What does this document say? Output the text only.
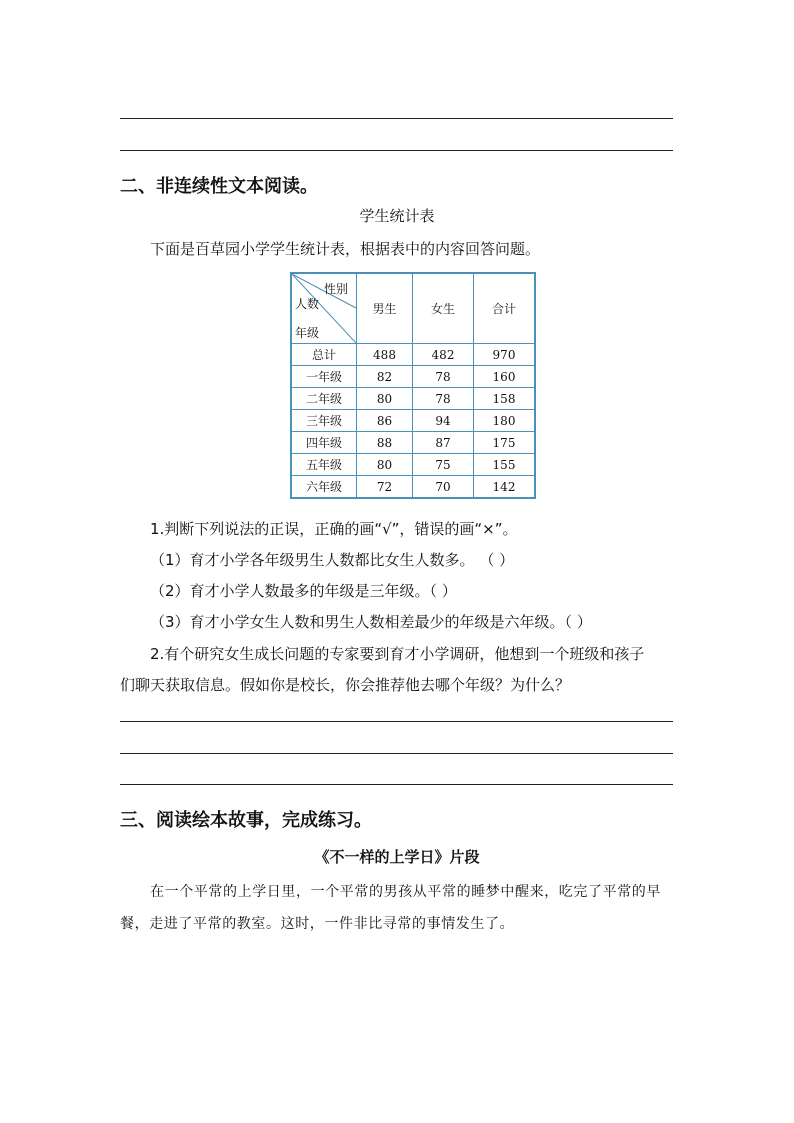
二、非连续性文本阅读。
学生统计表
下面是百草园小学学生统计表，根据表中的内容回答问题。
性别
人数
年级	男生	女生	合计
总计	488	482	970
一年级	82	78	160
二年级	80	78	158
三年级	86	94	180
四年级	88	87	175
五年级	80	75	155
六年级	72	70	142
1.判断下列说法的正误，正确的画“√”，错误的画“×”。
（1）育才小学各年级男生人数都比女生人数多。 （ ）
（2）育才小学人数最多的年级是三年级。（ ）
（3）育才小学女生人数和男生人数相差最少的年级是六年级。（ ）
2.有个研究女生成长问题的专家要到育才小学调研，他想到一个班级和孩子
们聊天获取信息。假如你是校长，你会推荐他去哪个年级？为什么？
三、阅读绘本故事，完成练习。
《不一样的上学日》片段
在一个平常的上学日里，一个平常的男孩从平常的睡梦中醒来，吃完了平常的早餐，走进了平常的教室。这时，一件非比寻常的事情发生了。
